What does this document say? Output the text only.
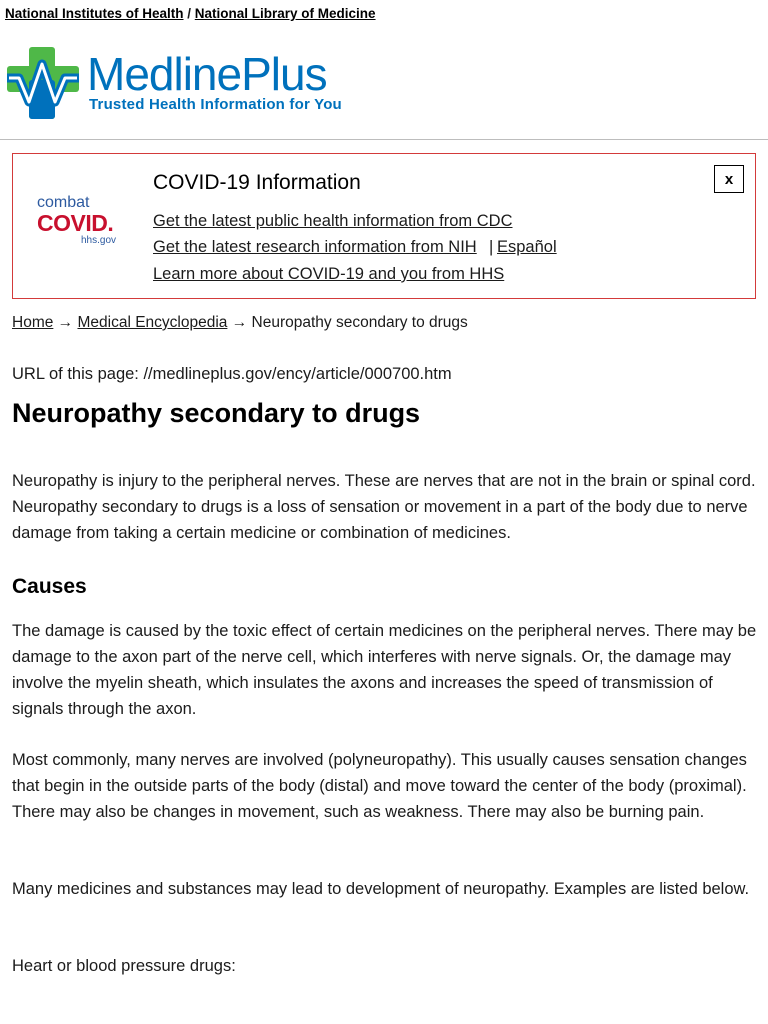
National Institutes of Health / National Library of Medicine
MedlinePlus
Trusted Health Information for You
combat
COVID.
hhs.gov
COVID-19 Information
Get the latest public health information from CDC
Get the latest research information from NIH | Español
Learn more about COVID-19 and you from HHS
x
Home → Medical Encyclopedia → Neuropathy secondary to drugs
URL of this page: //medlineplus.gov/ency/article/000700.htm
Neuropathy secondary to drugs

Neuropathy is injury to the peripheral nerves. These are nerves that are not in the brain or spinal cord. Neuropathy secondary to drugs is a loss of sensation or movement in a part of the body due to nerve damage from taking a certain medicine or combination of medicines.

Causes

The damage is caused by the toxic effect of certain medicines on the peripheral nerves. There may be damage to the axon part of the nerve cell, which interferes with nerve signals. Or, the damage may involve the myelin sheath, which insulates the axons and increases the speed of transmission of signals through the axon.

Most commonly, many nerves are involved (polyneuropathy). This usually causes sensation changes that begin in the outside parts of the body (distal) and move toward the center of the body (proximal). There may also be changes in movement, such as weakness. There may also be burning pain.

Many medicines and substances may lead to development of neuropathy. Examples are listed below.

Heart or blood pressure drugs:
